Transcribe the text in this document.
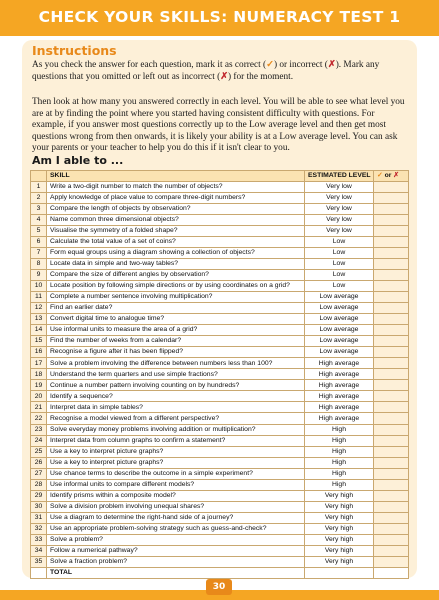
CHECK YOUR SKILLS: NUMERACY TEST 1
Instructions

As you check the answer for each question, mark it as correct (✓) or incorrect (✗). Mark any questions that you omitted or left out as incorrect (✗) for the moment.

Then look at how many you answered correctly in each level. You will be able to see what level you are at by finding the point where you started having consistent difficulty with questions. For example, if you answer most questions correctly up to the Low average level and then get most questions wrong from then onwards, it is likely your ability is at a Low average level. You can ask your parents or your teacher to help you do this if it isn't clear to you.

Am I able to ...
	SKILL	ESTIMATED LEVEL	✓ or ✗
1	Write a two-digit number to match the number of objects?	Very low	
2	Apply knowledge of place value to compare three-digit numbers?	Very low	
3	Compare the length of objects by observation?	Very low	
4	Name common three dimensional objects?	Very low	
5	Visualise the symmetry of a folded shape?	Very low	
6	Calculate the total value of a set of coins?	Low	
7	Form equal groups using a diagram showing a collection of objects?	Low	
8	Locate data in simple and two-way tables?	Low	
9	Compare the size of different angles by observation?	Low	
10	Locate position by following simple directions or by using coordinates on a grid?	Low	
11	Complete a number sentence involving multiplication?	Low average	
12	Find an earlier date?	Low average	
13	Convert digital time to analogue time?	Low average	
14	Use informal units to measure the area of a grid?	Low average	
15	Find the number of weeks from a calendar?	Low average	
16	Recognise a figure after it has been flipped?	Low average	
17	Solve a problem involving the difference between numbers less than 100?	High average	
18	Understand the term quarters and use simple fractions?	High average	
19	Continue a number pattern involving counting on by hundreds?	High average	
20	Identify a sequence?	High average	
21	Interpret data in simple tables?	High average	
22	Recognise a model viewed from a different perspective?	High average	
23	Solve everyday money problems involving addition or multiplication?	High	
24	Interpret data from column graphs to confirm a statement?	High	
25	Use a key to interpret picture graphs?	High	
26	Use a key to interpret picture graphs?	High	
27	Use chance terms to describe the outcome in a simple experiment?	High	
28	Use informal units to compare different models?	High	
29	Identify prisms within a composite model?	Very high	
30	Solve a division problem involving unequal shares?	Very high	
31	Use a diagram to determine the right-hand side of a journey?	Very high	
32	Use an appropriate problem-solving strategy such as guess-and-check?	Very high	
33	Solve a problem?	Very high	
34	Follow a numerical pathway?	Very high	
35	Solve a fraction problem?	Very high	
	TOTAL		
30
